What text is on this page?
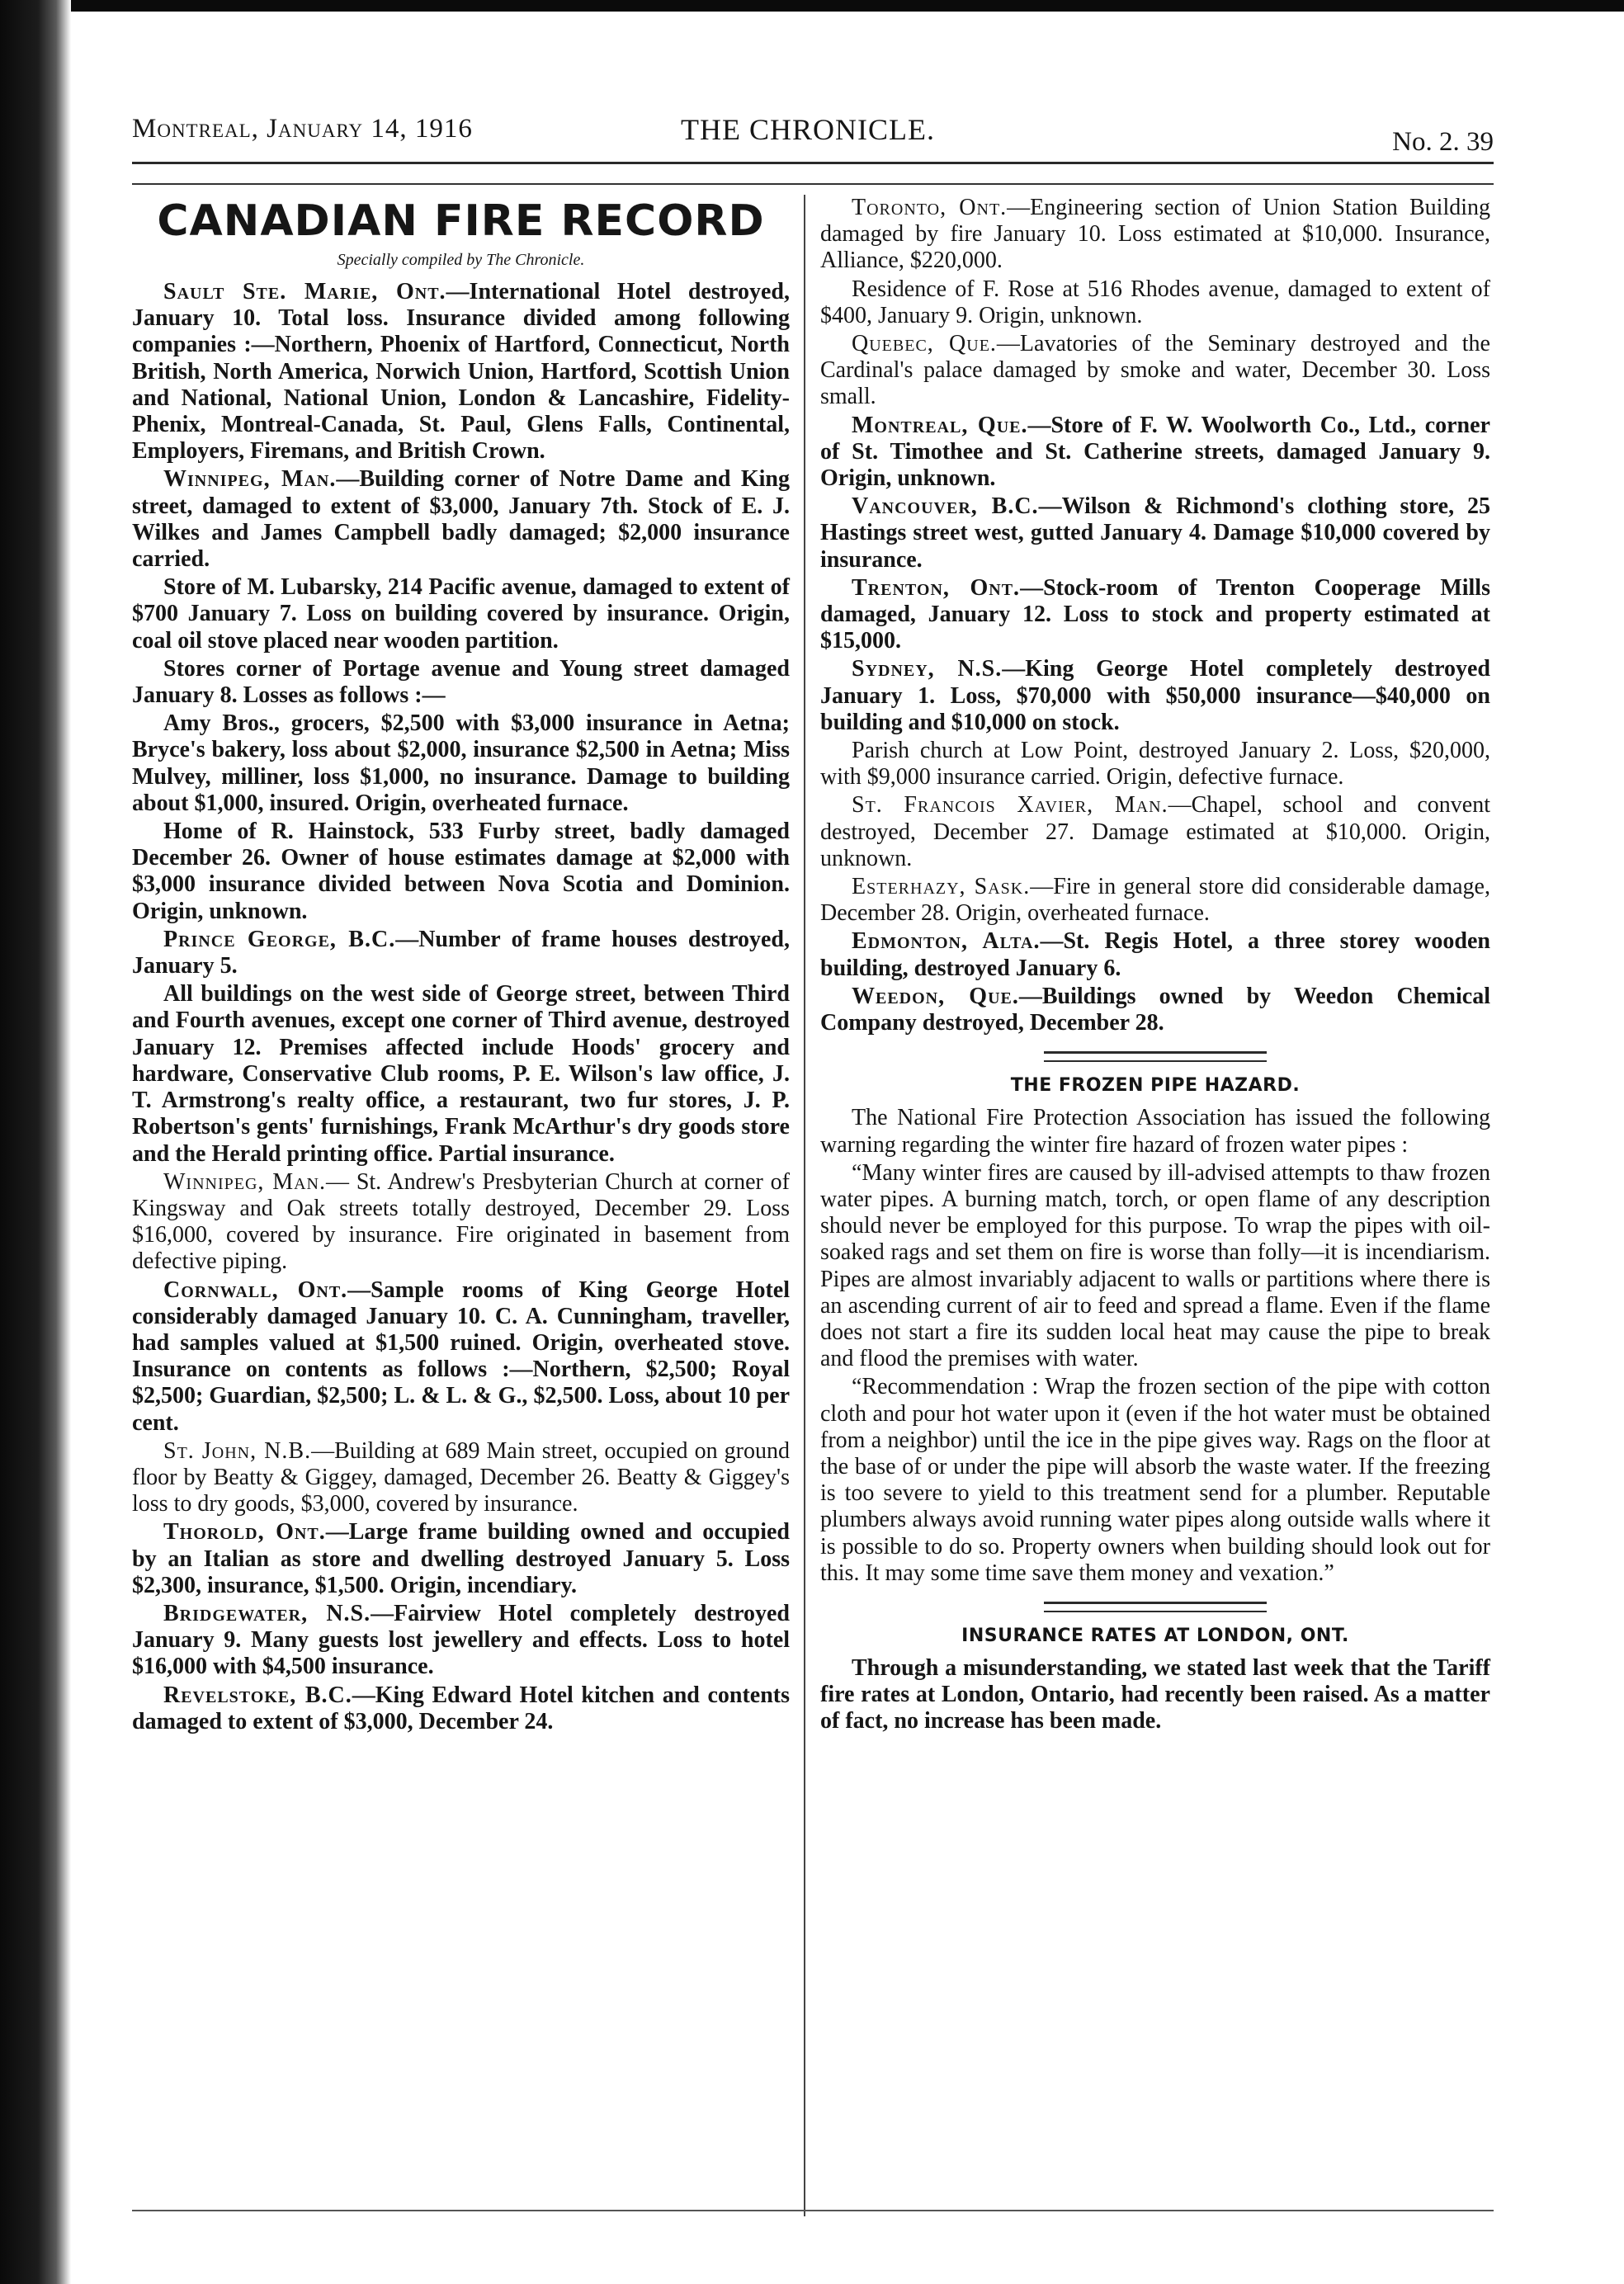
Montreal, January 14, 1916	THE CHRONICLE.	No. 2. 39
CANADIAN FIRE RECORD
Specially compiled by The Chronicle.

Sault Ste. Marie, Ont.—International Hotel destroyed, January 10. Total loss. Insurance divided among following companies :—Northern, Phoenix of Hartford, Connecticut, North British, North America, Norwich Union, Hartford, Scottish Union and National, National Union, London & Lancashire, Fidelity-Phenix, Montreal-Canada, St. Paul, Glens Falls, Continental, Employers, Firemans, and British Crown.

Winnipeg, Man.—Building corner of Notre Dame and King street, damaged to extent of $3,000, January 7th. Stock of E. J. Wilkes and James Campbell badly damaged; $2,000 insurance carried.

Store of M. Lubarsky, 214 Pacific avenue, damaged to extent of $700 January 7. Loss on building covered by insurance. Origin, coal oil stove placed near wooden partition.

Stores corner of Portage avenue and Young street damaged January 8. Losses as follows :—

Amy Bros., grocers, $2,500 with $3,000 insurance in Aetna; Bryce's bakery, loss about $2,000, insurance $2,500 in Aetna; Miss Mulvey, milliner, loss $1,000, no insurance. Damage to building about $1,000, insured. Origin, overheated furnace.

Home of R. Hainstock, 533 Furby street, badly damaged December 26. Owner of house estimates damage at $2,000 with $3,000 insurance divided between Nova Scotia and Dominion. Origin, unknown.

Prince George, B.C.—Number of frame houses destroyed, January 5.

All buildings on the west side of George street, between Third and Fourth avenues, except one corner of Third avenue, destroyed January 12. Premises affected include Hoods' grocery and hardware, Conservative Club rooms, P. E. Wilson's law office, J. T. Armstrong's realty office, a restaurant, two fur stores, J. P. Robertson's gents' furnishings, Frank McArthur's dry goods store and the Herald printing office. Partial insurance.

Winnipeg, Man.— St. Andrew's Presbyterian Church at corner of Kingsway and Oak streets totally destroyed, December 29. Loss $16,000, covered by insurance. Fire originated in basement from defective piping.

Cornwall, Ont.—Sample rooms of King George Hotel considerably damaged January 10. C. A. Cunningham, traveller, had samples valued at $1,500 ruined. Origin, overheated stove. Insurance on contents as follows :—Northern, $2,500; Royal $2,500; Guardian, $2,500; L. & L. & G., $2,500. Loss, about 10 per cent.

St. John, N.B.—Building at 689 Main street, occupied on ground floor by Beatty & Giggey, damaged, December 26. Beatty & Giggey's loss to dry goods, $3,000, covered by insurance.

Thorold, Ont.—Large frame building owned and occupied by an Italian as store and dwelling destroyed January 5. Loss $2,300, insurance, $1,500. Origin, incendiary.

Bridgewater, N.S.—Fairview Hotel completely destroyed January 9. Many guests lost jewellery and effects. Loss to hotel $16,000 with $4,500 insurance.

Revelstoke, B.C.—King Edward Hotel kitchen and contents damaged to extent of $3,000, December 24.

Toronto, Ont.—Engineering section of Union Station Building damaged by fire January 10. Loss estimated at $10,000. Insurance, Alliance, $220,000.

Residence of F. Rose at 516 Rhodes avenue, damaged to extent of $400, January 9. Origin, unknown.

Quebec, Que.—Lavatories of the Seminary destroyed and the Cardinal's palace damaged by smoke and water, December 30. Loss small.

Montreal, Que.—Store of F. W. Woolworth Co., Ltd., corner of St. Timothee and St. Catherine streets, damaged January 9. Origin, unknown.

Vancouver, B.C.—Wilson & Richmond's clothing store, 25 Hastings street west, gutted January 4. Damage $10,000 covered by insurance.

Trenton, Ont.—Stock-room of Trenton Cooperage Mills damaged, January 12. Loss to stock and property estimated at $15,000.

Sydney, N.S.—King George Hotel completely destroyed January 1. Loss, $70,000 with $50,000 insurance—$40,000 on building and $10,000 on stock.

Parish church at Low Point, destroyed January 2. Loss, $20,000, with $9,000 insurance carried. Origin, defective furnace.

St. Francois Xavier, Man.—Chapel, school and convent destroyed, December 27. Damage estimated at $10,000. Origin, unknown.

Esterhazy, Sask.—Fire in general store did considerable damage, December 28. Origin, overheated furnace.

Edmonton, Alta.—St. Regis Hotel, a three storey wooden building, destroyed January 6.

Weedon, Que.—Buildings owned by Weedon Chemical Company destroyed, December 28.

THE FROZEN PIPE HAZARD.

The National Fire Protection Association has issued the following warning regarding the winter fire hazard of frozen water pipes :

“Many winter fires are caused by ill-advised attempts to thaw frozen water pipes. A burning match, torch, or open flame of any description should never be employed for this purpose. To wrap the pipes with oil-soaked rags and set them on fire is worse than folly—it is incendiarism. Pipes are almost invariably adjacent to walls or partitions where there is an ascending current of air to feed and spread a flame. Even if the flame does not start a fire its sudden local heat may cause the pipe to break and flood the premises with water.

“Recommendation : Wrap the frozen section of the pipe with cotton cloth and pour hot water upon it (even if the hot water must be obtained from a neighbor) until the ice in the pipe gives way. Rags on the floor at the base of or under the pipe will absorb the waste water. If the freezing is too severe to yield to this treatment send for a plumber. Reputable plumbers always avoid running water pipes along outside walls where it is possible to do so. Property owners when building should look out for this. It may some time save them money and vexation.”

INSURANCE RATES AT LONDON, ONT.

Through a misunderstanding, we stated last week that the Tariff fire rates at London, Ontario, had recently been raised. As a matter of fact, no increase has been made.
